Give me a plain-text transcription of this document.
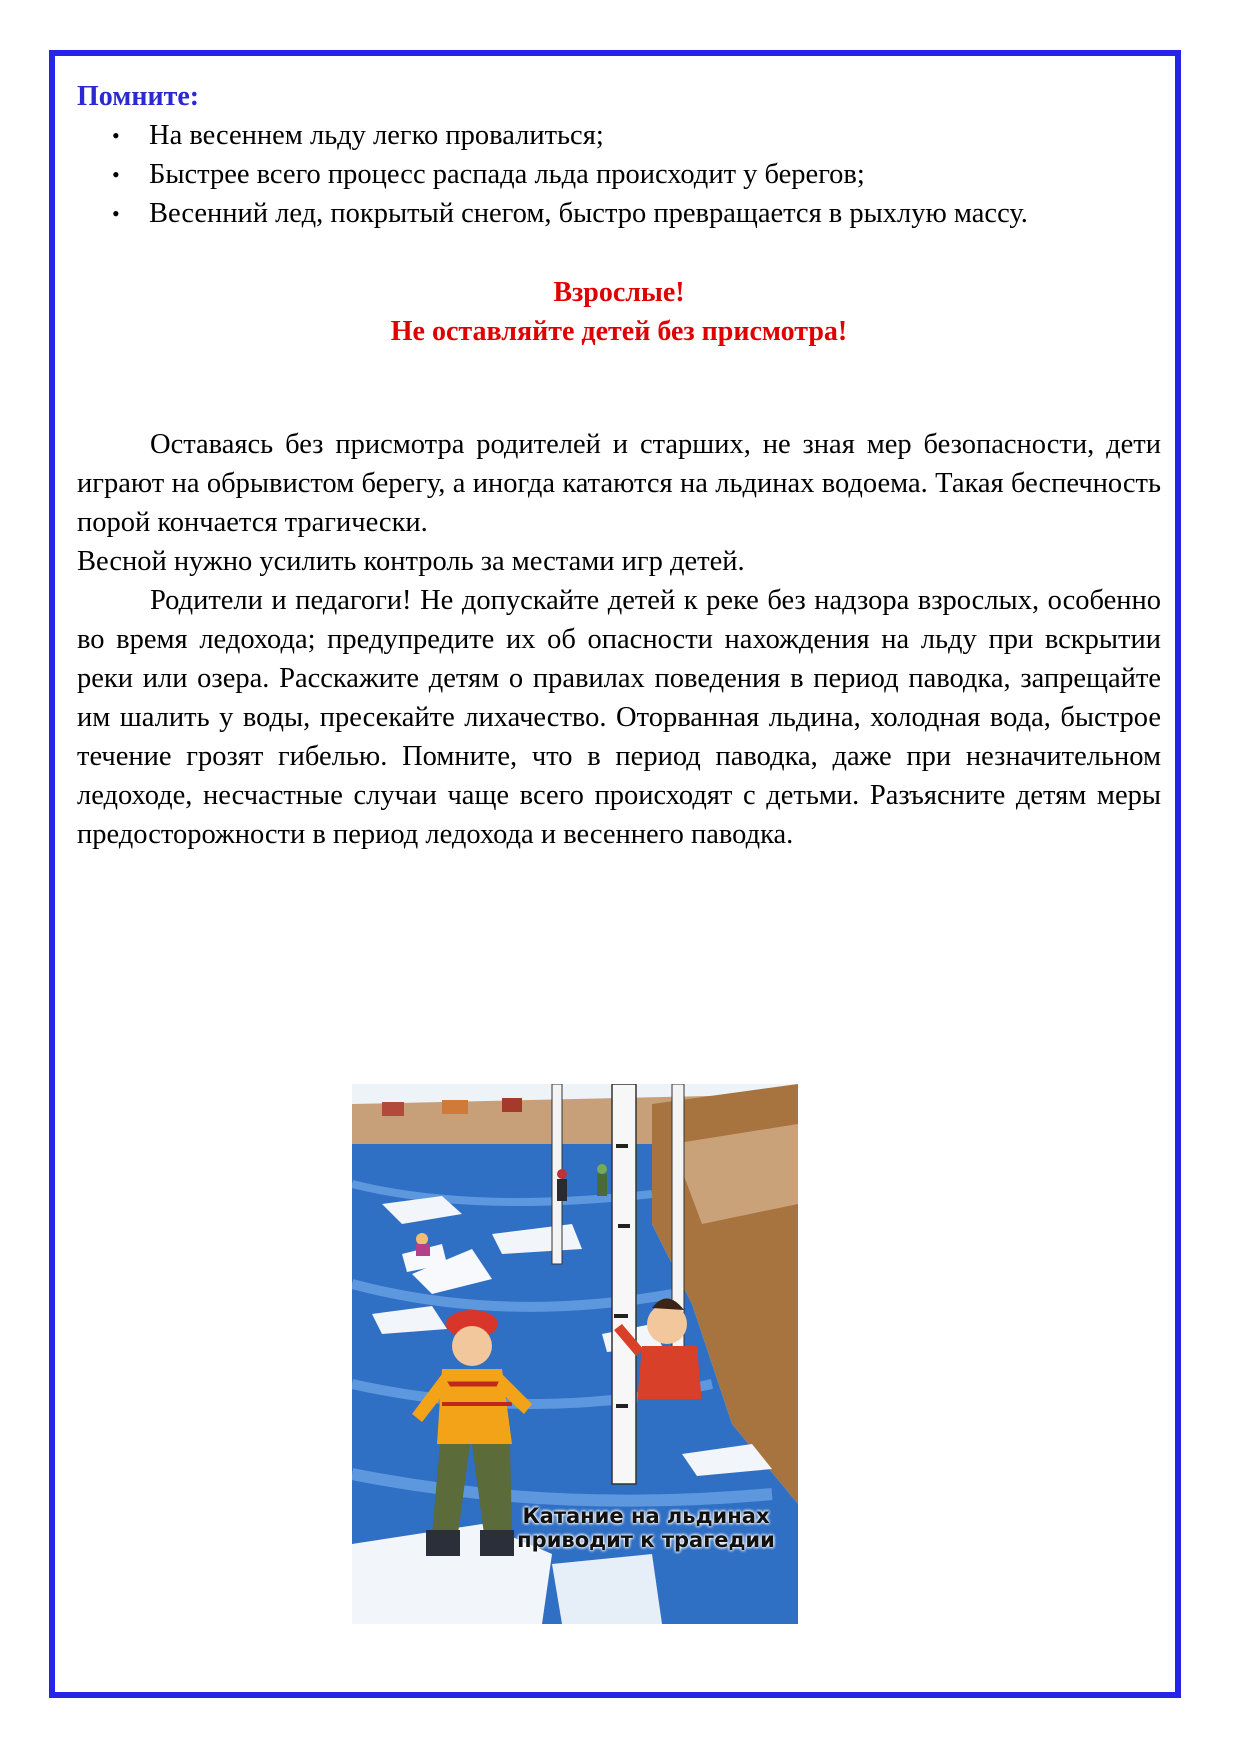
Помните:

• На весеннем льду легко провалиться;
• Быстрее всего процесс распада льда происходит у берегов;
• Весенний лед, покрытый снегом, быстро превращается в рыхлую массу.
Взрослые!
Не оставляйте детей без присмотра!

Оставаясь без присмотра родителей и старших, не зная мер безопасности, дети играют на обрывистом берегу, а иногда катаются на льдинах водоема. Такая беспечность порой кончается трагически.

Весной нужно усилить контроль за местами игр детей.

Родители и педагоги! Не допускайте детей к реке без надзора взрослых, особенно во время ледохода; предупредите их об опасности нахождения на льду при вскрытии реки или озера. Расскажите детям о правилах поведения в период паводка, запрещайте им шалить у воды, пресекайте лихачество. Оторванная льдина, холодная вода, быстрое течение грозят гибелью. Помните, что в период паводка, даже при незначительном ледоходе, несчастные случаи чаще всего происходят с детьми. Разъясните детям меры предосторожности в период ледохода и весеннего паводка.

Катание на льдинах
приводит к трагедии
